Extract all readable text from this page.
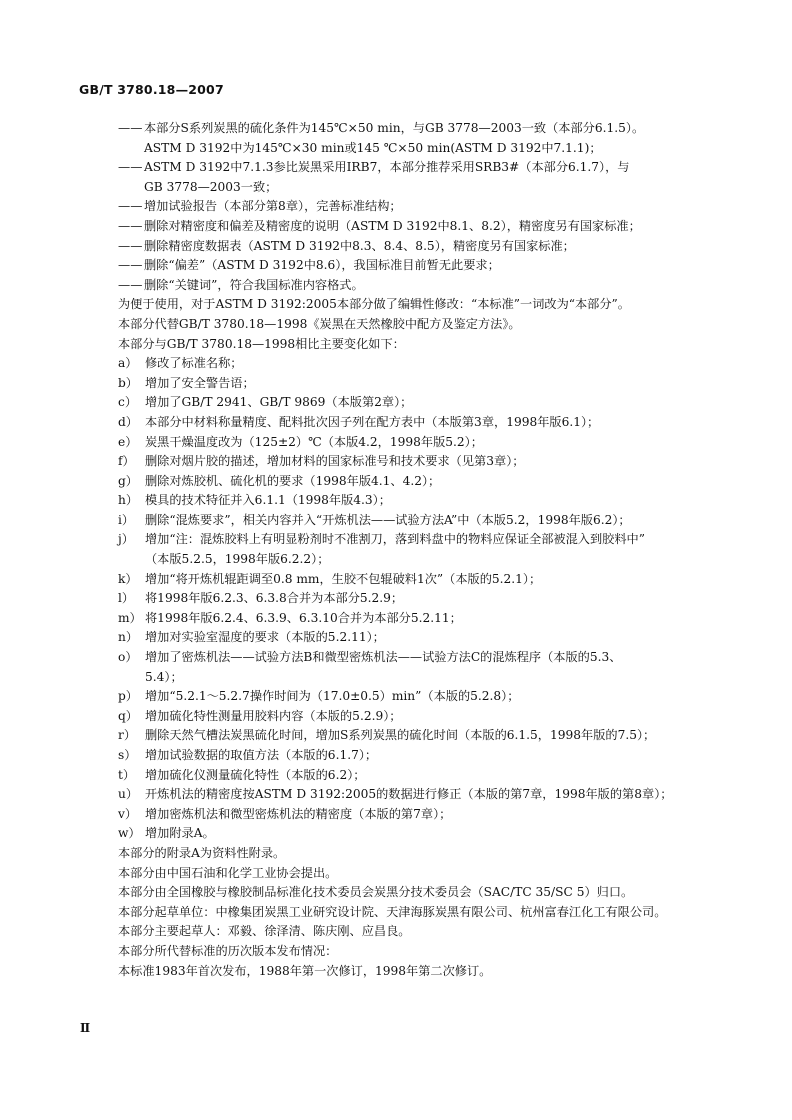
GB/T 3780.18—2007
—— 本部分S系列炭黑的硫化条件为145℃×50 min，与GB 3778—2003一致（本部分6.1.5）。
ASTM D 3192中为145℃×30 min或145 ℃×50 min(ASTM D 3192中7.1.1)；
—— ASTM D 3192中7.1.3参比炭黑采用IRB7，本部分推荐采用SRB3#（本部分6.1.7），与
GB 3778—2003一致；
—— 增加试验报告（本部分第8章），完善标准结构；
—— 删除对精密度和偏差及精密度的说明（ASTM D 3192中8.1、8.2），精密度另有国家标准；
—— 删除精密度数据表（ASTM D 3192中8.3、8.4、8.5），精密度另有国家标准；
—— 删除“偏差”（ASTM D 3192中8.6），我国标准目前暂无此要求；
—— 删除“关键词”，符合我国标准内容格式。
为便于使用，对于ASTM D 3192:2005本部分做了编辑性修改：“本标准”一词改为“本部分”。
本部分代替GB/T 3780.18—1998《炭黑在天然橡胶中配方及鉴定方法》。
本部分与GB/T 3780.18—1998相比主要变化如下：
a） 修改了标准名称；
b） 增加了安全警告语；
c） 增加了GB/T 2941、GB/T 9869（本版第2章）；
d） 本部分中材料称量精度、配料批次因子列在配方表中（本版第3章，1998年版6.1）；
e） 炭黑干燥温度改为（125±2）℃（本版4.2，1998年版5.2）；
f） 删除对烟片胶的描述，增加材料的国家标准号和技术要求（见第3章）；
g） 删除对炼胶机、硫化机的要求（1998年版4.1、4.2）；
h） 模具的技术特征并入6.1.1（1998年版4.3）；
i） 删除“混炼要求”，相关内容并入“开炼机法——试验方法A”中（本版5.2，1998年版6.2）；
j） 增加“注：混炼胶料上有明显粉剂时不准割刀，落到料盘中的物料应保证全部被混入到胶料中”
（本版5.2.5，1998年版6.2.2）；
k） 增加“将开炼机辊距调至0.8 mm，生胶不包辊破料1次”（本版的5.2.1）；
l） 将1998年版6.2.3、6.3.8合并为本部分5.2.9；
m） 将1998年版6.2.4、6.3.9、6.3.10合并为本部分5.2.11；
n） 增加对实验室湿度的要求（本版的5.2.11）；
o） 增加了密炼机法——试验方法B和微型密炼机法——试验方法C的混炼程序（本版的5.3、
5.4）；
p） 增加“5.2.1～5.2.7操作时间为（17.0±0.5）min”（本版的5.2.8）；
q） 增加硫化特性测量用胶料内容（本版的5.2.9）；
r） 删除天然气槽法炭黑硫化时间，增加S系列炭黑的硫化时间（本版的6.1.5，1998年版的7.5）；
s） 增加试验数据的取值方法（本版的6.1.7）；
t） 增加硫化仪测量硫化特性（本版的6.2）；
u） 开炼机法的精密度按ASTM D 3192:2005的数据进行修正（本版的第7章，1998年版的第8章）；
v） 增加密炼机法和微型密炼机法的精密度（本版的第7章）；
w） 增加附录A。
本部分的附录A为资料性附录。
本部分由中国石油和化学工业协会提出。
本部分由全国橡胶与橡胶制品标准化技术委员会炭黑分技术委员会（SAC/TC 35/SC 5）归口。
本部分起草单位：中橡集团炭黑工业研究设计院、天津海豚炭黑有限公司、杭州富春江化工有限公司。
本部分主要起草人：邓毅、徐泽清、陈庆刚、应昌良。
本部分所代替标准的历次版本发布情况：
本标准1983年首次发布，1988年第一次修订，1998年第二次修订。
Ⅱ
